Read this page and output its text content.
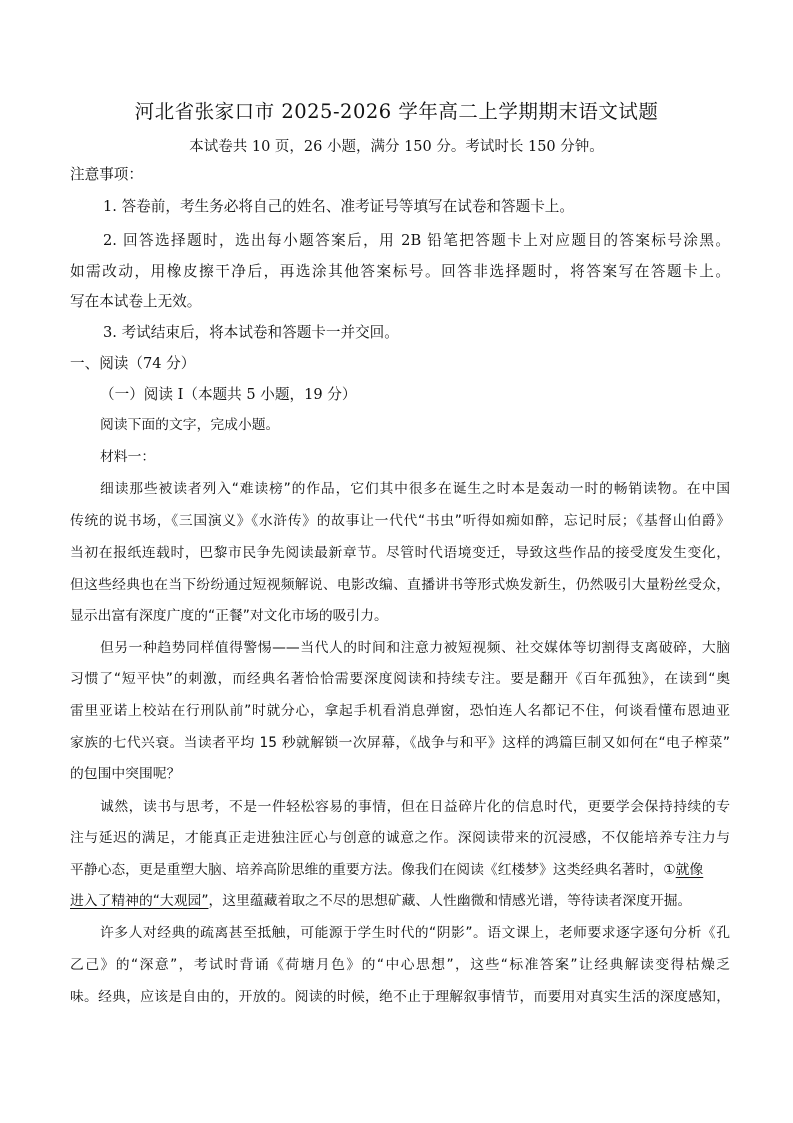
河北省张家口市 2025-2026 学年高二上学期期末语文试题
本试卷共 10 页，26 小题，满分 150 分。考试时长 150 分钟。
注意事项：
1. 答卷前，考生务必将自己的姓名、准考证号等填写在试卷和答题卡上。
2. 回答选择题时，选出每小题答案后，用 2B 铅笔把答题卡上对应题目的答案标号涂黑。
如需改动，用橡皮擦干净后，再选涂其他答案标号。回答非选择题时，将答案写在答题卡上。
写在本试卷上无效。
3. 考试结束后，将本试卷和答题卡一并交回。
一、阅读（74 分）
（一）阅读 I（本题共 5 小题，19 分）
阅读下面的文字，完成小题。
材料一：
细读那些被读者列入“难读榜”的作品，它们其中很多在诞生之时本是轰动一时的畅销读物。在中国
传统的说书场，《三国演义》《水浒传》的故事让一代代“书虫”听得如痴如醉，忘记时辰；《基督山伯爵》
当初在报纸连载时，巴黎市民争先阅读最新章节。尽管时代语境变迁，导致这些作品的接受度发生变化，
但这些经典也在当下纷纷通过短视频解说、电影改编、直播讲书等形式焕发新生，仍然吸引大量粉丝受众，
显示出富有深度广度的“正餐”对文化市场的吸引力。
但另一种趋势同样值得警惕——当代人的时间和注意力被短视频、社交媒体等切割得支离破碎，大脑
习惯了“短平快”的刺激，而经典名著恰恰需要深度阅读和持续专注。要是翻开《百年孤独》，在读到“奥
雷里亚诺上校站在行刑队前”时就分心，拿起手机看消息弹窗，恐怕连人名都记不住，何谈看懂布恩迪亚
家族的七代兴衰。当读者平均 15 秒就解锁一次屏幕，《战争与和平》这样的鸿篇巨制又如何在“电子榨菜”
的包围中突围呢？
诚然，读书与思考，不是一件轻松容易的事情，但在日益碎片化的信息时代，更要学会保持持续的专
注与延迟的满足，才能真正走进独注匠心与创意的诚意之作。深阅读带来的沉浸感，不仅能培养专注力与
平静心态，更是重塑大脑、培养高阶思维的重要方法。像我们在阅读《红楼梦》这类经典名著时，①就像
进入了精神的“大观园”，这里蕴藏着取之不尽的思想矿藏、人性幽微和情感光谱，等待读者深度开掘。
许多人对经典的疏离甚至抵触，可能源于学生时代的“阴影”。语文课上，老师要求逐字逐句分析《孔
乙己》的“深意”，考试时背诵《荷塘月色》的“中心思想”，这些“标准答案”让经典解读变得枯燥乏
味。经典，应该是自由的，开放的。阅读的时候，绝不止于理解叙事情节，而要用对真实生活的深度感知，
